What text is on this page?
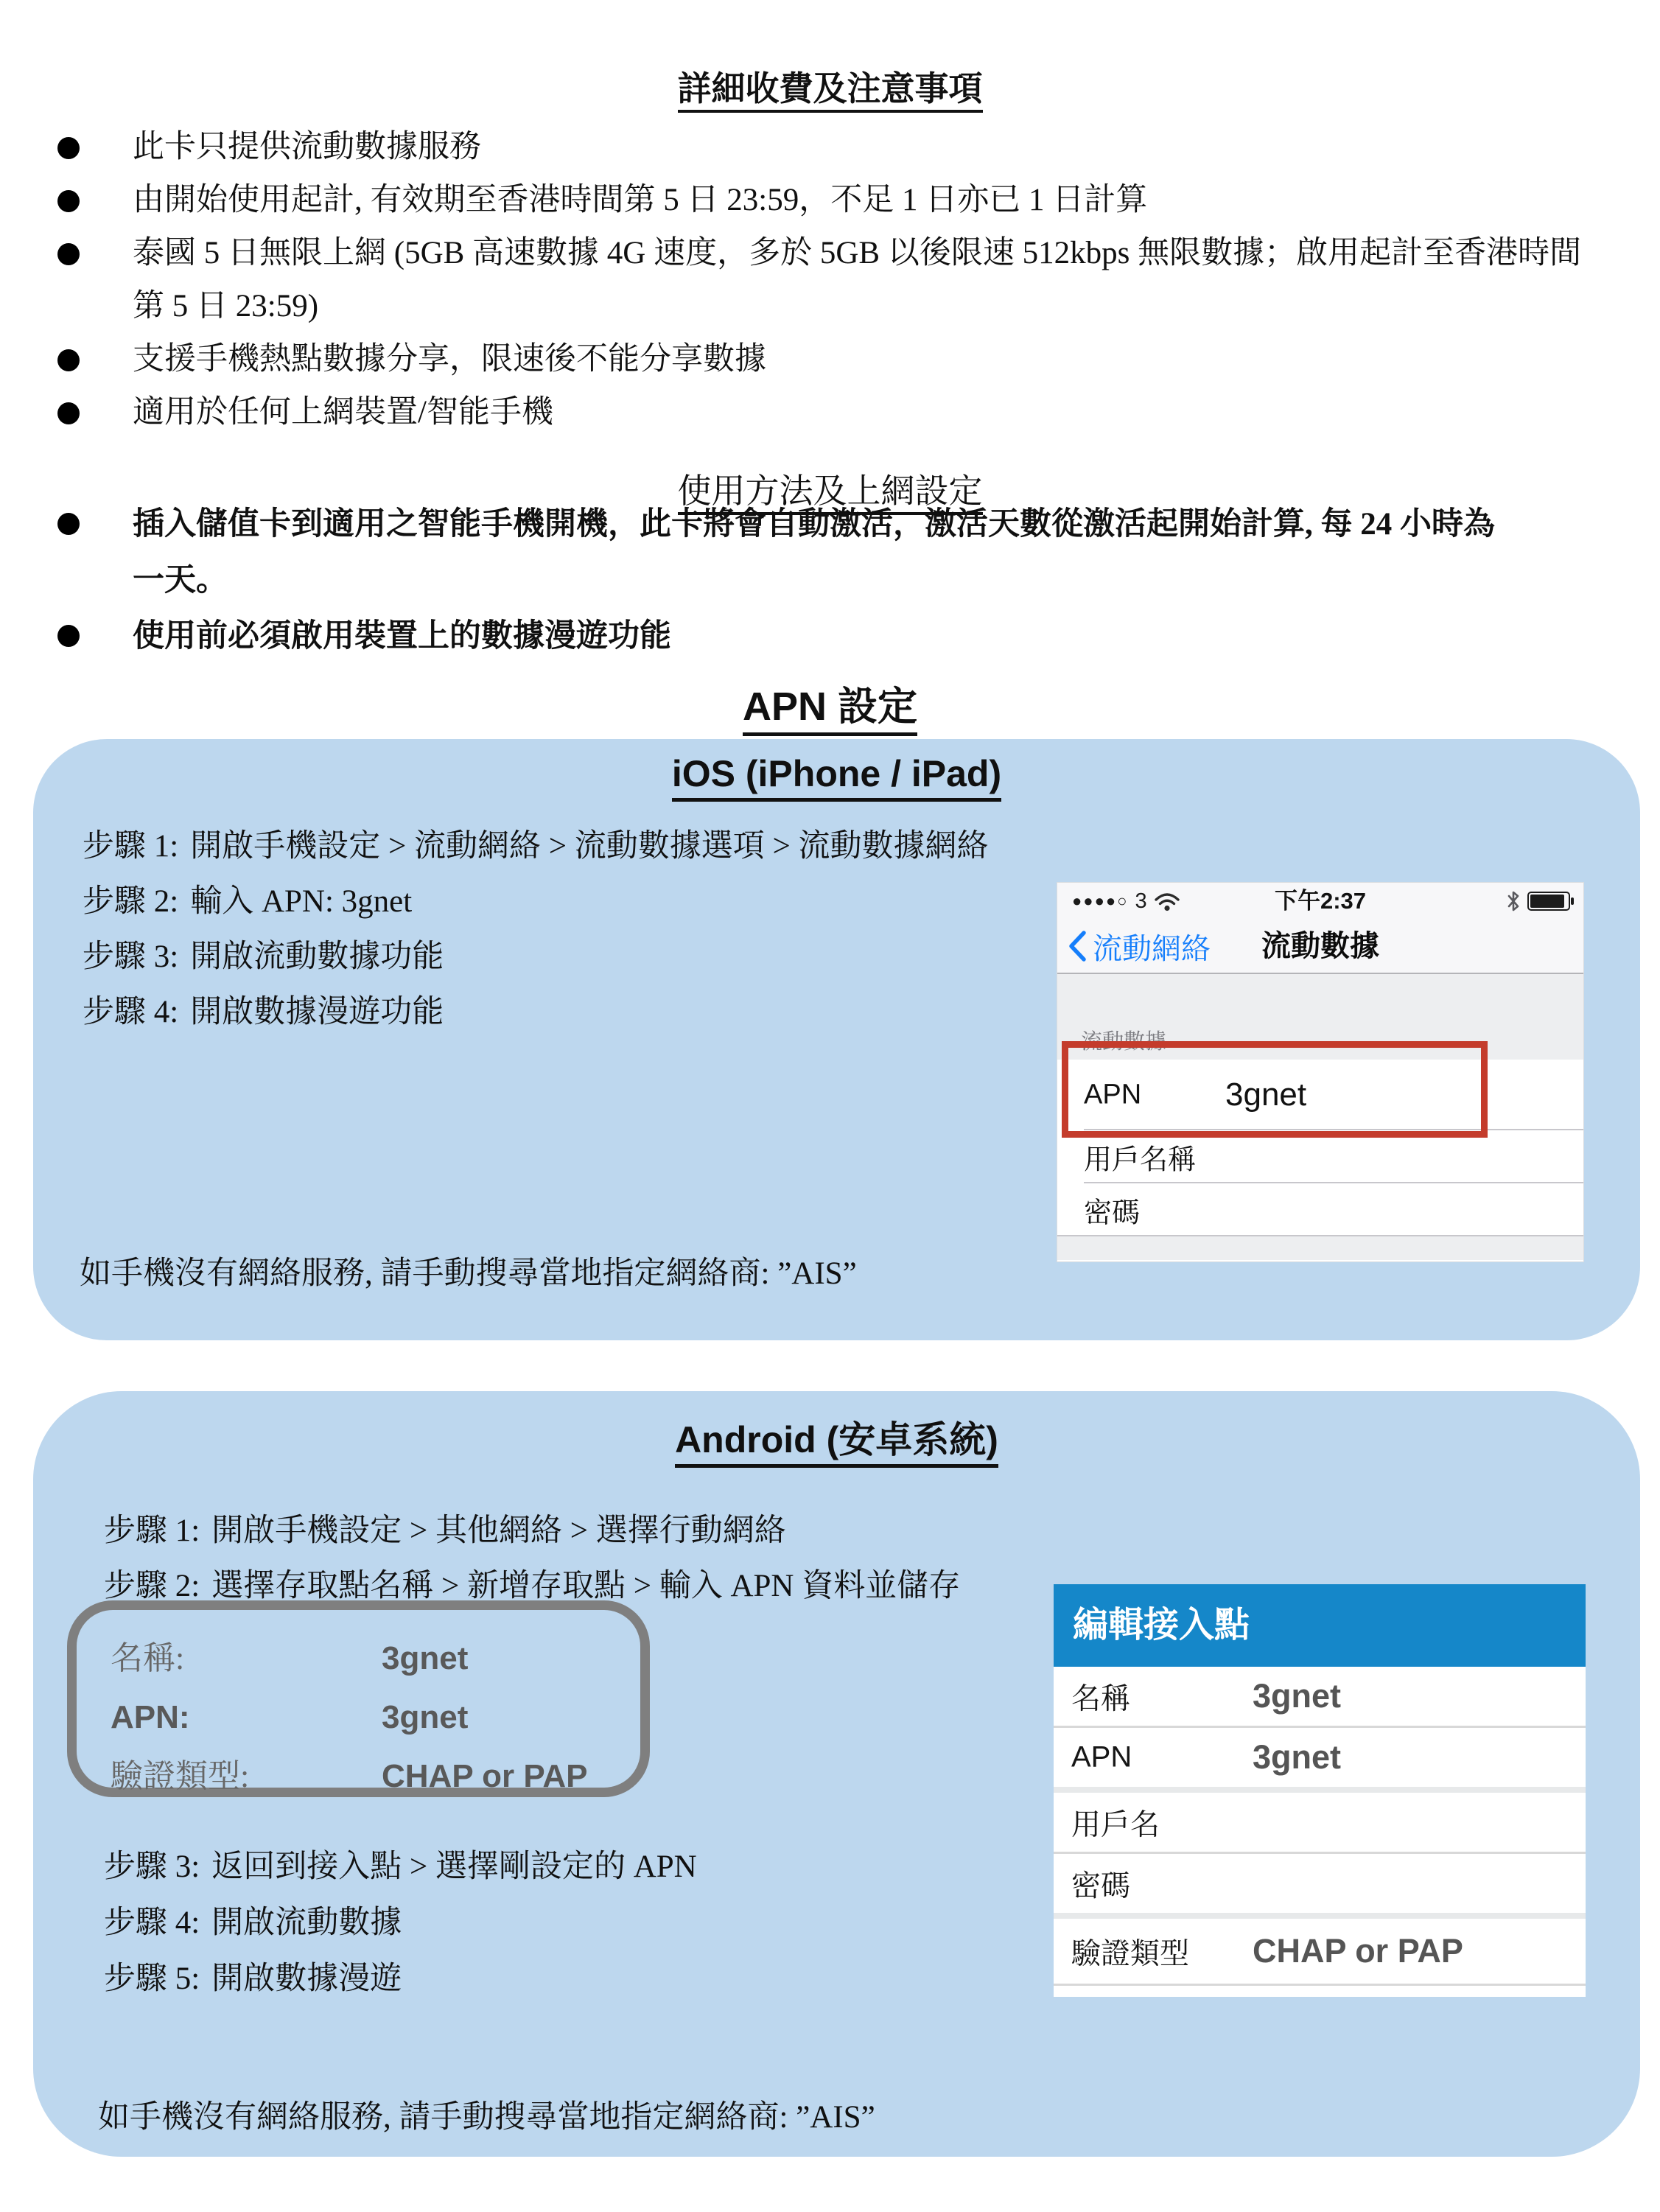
詳細收費及注意事項
此卡只提供流動數據服務
由開始使用起計, 有效期至香港時間第 5 日 23:59，不足 1 日亦已 1 日計算
泰國 5 日無限上網 (5GB 高速數據 4G 速度，多於 5GB 以後限速 512kbps 無限數據；啟用起計至香港時間第 5 日 23:59)
支援手機熱點數據分享，限速後不能分享數據
適用於任何上網裝置/智能手機
使用方法及上網設定
插入儲值卡到適用之智能手機開機，此卡將會自動激活，激活天數從激活起開始計算, 每 24 小時為一天。
使用前必須啟用裝置上的數據漫遊功能
APN 設定
iOS (iPhone / iPad)
步驟 1: 開啟手機設定 > 流動網絡 > 流動數據選項 > 流動數據網絡
步驟 2: 輸入 APN: 3gnet
步驟 3: 開啟流動數據功能
步驟 4: 開啟數據漫遊功能
●●●●○ 3	下午2:37
流動網絡	流動數據
流動數據
APN	3gnet
用戶名稱
密碼
如手機沒有網絡服務, 請手動搜尋當地指定網絡商: ”AIS”
Android (安卓系統)
步驟 1: 開啟手機設定 > 其他網絡 > 選擇行動網絡
步驟 2: 選擇存取點名稱 > 新增存取點 > 輸入 APN 資料並儲存
名稱:	3gnet
APN:	3gnet
驗證類型:	CHAP or PAP
步驟 3: 返回到接入點 > 選擇剛設定的 APN
步驟 4: 開啟流動數據
步驟 5: 開啟數據漫遊
編輯接入點
名稱	3gnet
APN	3gnet
用戶名
密碼
驗證類型 CHAP or PAP
如手機沒有網絡服務, 請手動搜尋當地指定網絡商: ”AIS”
